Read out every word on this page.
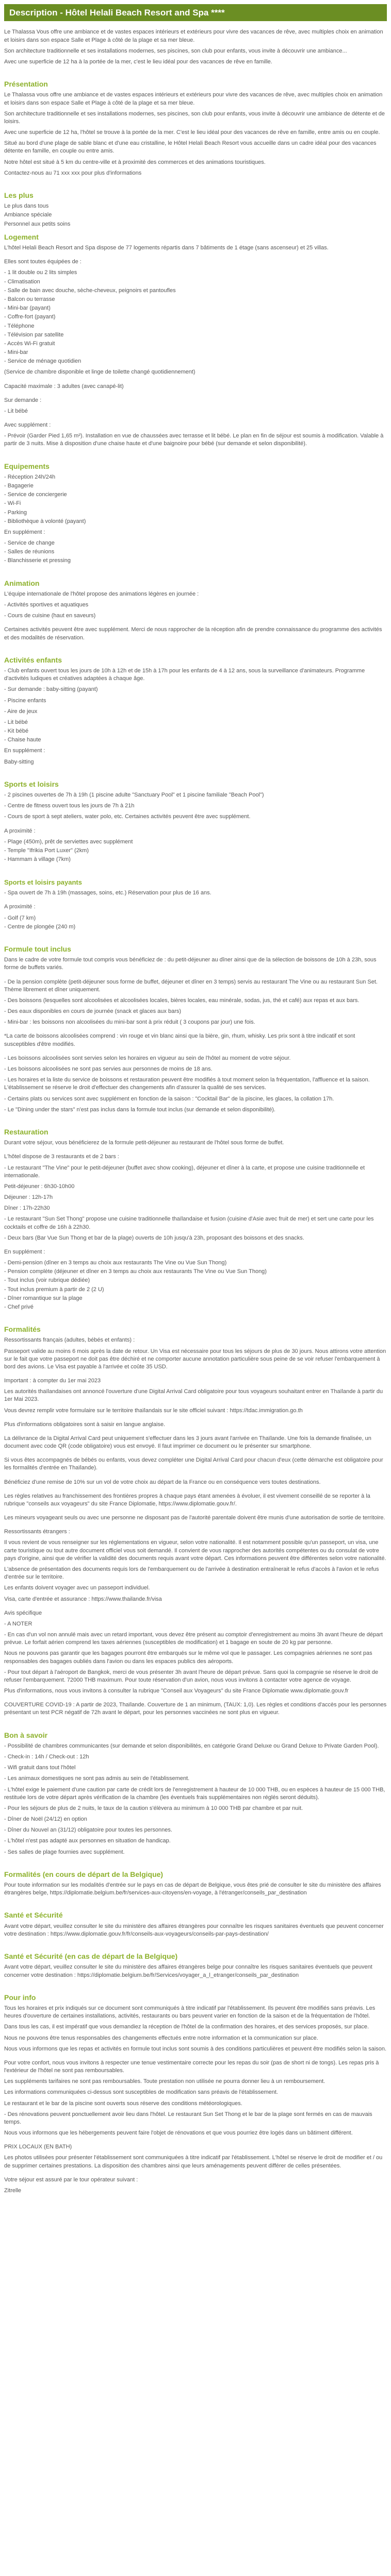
Description - Hôtel Helali Beach Resort and Spa ****

Le Thalassa Vous offre une ambiance et de vastes espaces intérieurs et extérieurs pour vivre des vacances de rêve, avec multiples choix en animation et loisirs dans son espace Salle et Plage à côté de la plage et sa mer bleue.

Son architecture traditionnelle et ses installations modernes, ses piscines, son club pour enfants, vous invite à découvrir une ambiance...

Avec une superficie de 12 ha à la portée de la mer, c'est le lieu idéal pour des vacances de rêve en famille.

Présentation

Le Thalassa vous offre une ambiance et de vastes espaces intérieurs et extérieurs pour vivre des vacances de rêve, avec multiples choix en animation et loisirs dans son espace Salle et Plage à côté de la plage et sa mer bleue.

Son architecture traditionnelle et ses installations modernes, ses piscines, son club pour enfants, vous invite à découvrir une ambiance de détente et de loisirs.

Avec une superficie de 12 ha, l'hôtel se trouve à la portée de la mer. C'est le lieu idéal pour des vacances de rêve en famille, entre amis ou en couple.

Situé au bord d'une plage de sable blanc et d'une eau cristalline, le Hôtel Helali Beach Resort vous accueille dans un cadre idéal pour des vacances détente en famille, en couple ou entre amis.

Notre hôtel est situé à 5 km du centre-ville et à proximité des commerces et des animations touristiques.

Contactez-nous au 71 xxx xxx pour plus d'informations

Les plus
Le plus dans tous
Ambiance spéciale
Personnel aux petits soins
Logement

L'hôtel Helali Beach Resort and Spa dispose de 77 logements répartis dans 7 bâtiments de 1 étage (sans ascenseur) et 25 villas.

Elles sont toutes équipées de :

- 1 lit double ou 2 lits simples
- Climatisation
- Salle de bain avec douche, sèche-cheveux, peignoirs et pantoufles
- Balcon ou terrasse
- Mini-bar (payant)
- Coffre-fort (payant)
- Téléphone
- Télévision par satellite
- Accès Wi-Fi gratuit
- Mini-bar
- Service de ménage quotidien

(Service de chambre disponible et linge de toilette changé quotidiennement)

Capacité maximale : 3 adultes (avec canapé-lit)

Sur demande :

- Lit bébé

Avec supplément :

- Prévoir (Garder Pied 1,65 m²). Installation en vue de chaussées avec terrasse et lit bébé. Le plan en fin de séjour est soumis à modification. Valable à partir de 3 nuits. Mise à disposition d'une chaise haute et d'une baignoire pour bébé (sur demande et selon disponibilité).

Equipements
- Réception 24h/24h
- Bagagerie
- Service de conciergerie
- Wi-Fi
- Parking
- Bibliothèque à volonté (payant)

En supplément :

- Service de change
- Salles de réunions
- Blanchisserie et pressing
Animation

L'équipe internationale de l'hôtel propose des animations légères en journée :

- Activités sportives et aquatiques

- Cours de cuisine (haut en saveurs)

Certaines activités peuvent être avec supplément. Merci de nous rapprocher de la réception afin de prendre connaissance du programme des activités et des modalités de réservation.

Activités enfants

- Club enfants ouvert tous les jours de 10h à 12h et de 15h à 17h pour les enfants de 4 à 12 ans, sous la surveillance d'animateurs. Programme d'activités ludiques et créatives adaptées à chaque âge.

- Sur demande : baby-sitting (payant)

- Piscine enfants

- Aire de jeux

- Lit bébé
- Kit bébé
- Chaise haute

En supplément :

Baby-sitting

Sports et loisirs

- 2 piscines ouvertes de 7h à 19h (1 piscine adulte "Sanctuary Pool" et 1 piscine familiale "Beach Pool")

- Centre de fitness ouvert tous les jours de 7h à 21h

- Cours de sport à sept ateliers, water polo, etc. Certaines activités peuvent être avec supplément.

A proximité :

- Plage (450m), prêt de serviettes avec supplément
- Temple "Ifrikia Port Luxer" (2km)
- Hammam à village (7km)
Sports et loisirs payants

- Spa ouvert de 7h à 19h (massages, soins, etc.) Réservation pour plus de 16 ans.

A proximité :

- Golf (7 km)
- Centre de plongée (240 m)
Formule tout inclus

Dans le cadre de votre formule tout compris vous bénéficiez de : du petit-déjeuner au dîner ainsi que de la sélection de boissons de 10h à 23h, sous forme de buffets variés.

- De la pension complète (petit-déjeuner sous forme de buffet, déjeuner et dîner en 3 temps) servis au restaurant The Vine ou au restaurant Sun Set. Thème librement et dîner uniquement.

- Des boissons (lesquelles sont alcoolisées et alcoolisées locales, bières locales, eau minérale, sodas, jus, thé et café) aux repas et aux bars.

- Des eaux disponibles en cours de journée (snack et glaces aux bars)

- Mini-bar : les boissons non alcoolisées du mini-bar sont à prix réduit ( 3 coupons par jour) une fois.

*La carte de boissons alcoolisées comprend : vin rouge et vin blanc ainsi que la bière, gin, rhum, whisky. Les prix sont à titre indicatif et sont susceptibles d'être modifiés.

- Les boissons alcoolisées sont servies selon les horaires en vigueur au sein de l'hôtel au moment de votre séjour.

- Les boissons alcoolisées ne sont pas servies aux personnes de moins de 18 ans.

- Les horaires et la liste du service de boissons et restauration peuvent être modifiés à tout moment selon la fréquentation, l'affluence et la saison. L'établissement se réserve le droit d'effectuer des changements afin d'assurer la qualité de ses services.

- Certains plats ou services sont avec supplément en fonction de la saison : "Cocktail Bar" de la piscine, les glaces, la collation 17h.

- Le "Dining under the stars" n'est pas inclus dans la formule tout inclus (sur demande et selon disponibilité).

Restauration

Durant votre séjour, vous bénéficierez de la formule petit-déjeuner au restaurant de l'hôtel sous forme de buffet.

L'hôtel dispose de 3 restaurants et de 2 bars :

- Le restaurant "The Vine" pour le petit-déjeuner (buffet avec show cooking), déjeuner et dîner à la carte, et propose une cuisine traditionnelle et internationale.

Petit-déjeuner : 6h30-10h00

Déjeuner : 12h-17h

Dîner : 17h-22h30

- Le restaurant "Sun Set Thong" propose une cuisine traditionnelle thaïlandaise et fusion (cuisine d'Asie avec fruit de mer) et sert une carte pour les cocktails et coffre de 16h à 22h30.

- Deux bars (Bar Vue Sun Thong et bar de la plage) ouverts de 10h jusqu'à 23h, proposant des boissons et des snacks.

En supplément :

- Demi-pension (dîner en 3 temps au choix aux restaurants The Vine ou Vue Sun Thong)
- Pension complète (déjeuner et dîner en 3 temps au choix aux restaurants The Vine ou Vue Sun Thong)
- Tout inclus (voir rubrique dédiée)
- Tout inclus premium à partir de 2 (2 U)
- Dîner romantique sur la plage
- Chef privé
Formalités

Ressortissants français (adultes, bébés et enfants) :

Passeport valide au moins 6 mois après la date de retour. Un Visa est nécessaire pour tous les séjours de plus de 30 jours. Nous attirons votre attention sur le fait que votre passeport ne doit pas être déchiré et ne comporter aucune annotation particulière sous peine de se voir refuser l'embarquement à bord des avions. Le Visa est payable à l'arrivée et coûte 35 USD.

Important : à compter du 1er mai 2023

Les autorités thaïlandaises ont annoncé l'ouverture d'une Digital Arrival Card obligatoire pour tous voyageurs souhaitant entrer en Thaïlande à partir du 1er Mai 2023.

Vous devrez remplir votre formulaire sur le territoire thaïlandais sur le site officiel suivant : https://tdac.immigration.go.th

Plus d'informations obligatoires sont à saisir en langue anglaise.

La délivrance de la Digital Arrival Card peut uniquement s'effectuer dans les 3 jours avant l'arrivée en Thaïlande. Une fois la demande finalisée, un document avec code QR (code obligatoire) vous est envoyé. Il faut imprimer ce document ou le présenter sur smartphone.

Si vous êtes accompagnés de bébés ou enfants, vous devez compléter une Digital Arrival Card pour chacun d'eux (cette démarche est obligatoire pour les formalités d'entrée en Thaïlande).

Bénéficiez d'une remise de 10% sur un vol de votre choix au départ de la France ou en conséquence vers toutes destinations.

Les règles relatives au franchissement des frontières propres à chaque pays étant amenées à évoluer, il est vivement conseillé de se reporter à la rubrique "conseils aux voyageurs" du site France Diplomatie, https://www.diplomatie.gouv.fr/.

Les mineurs voyageant seuls ou avec une personne ne disposant pas de l'autorité parentale doivent être munis d'une autorisation de sortie de territoire.

Ressortissants étrangers :

Il vous revient de vous renseigner sur les réglementations en vigueur, selon votre nationalité. Il est notamment possible qu'un passeport, un visa, une carte touristique ou tout autre document officiel vous soit demandé. Il convient de vous rapprocher des autorités compétentes ou du consulat de votre pays d'origine, ainsi que de vérifier la validité des documents requis avant votre départ. Ces informations peuvent être différentes selon votre nationalité.

L'absence de présentation des documents requis lors de l'embarquement ou de l'arrivée à destination entraînerait le refus d'accès à l'avion et le refus d'entrée sur le territoire.

Les enfants doivent voyager avec un passeport individuel.

Visa, carte d'entrée et assurance : https://www.thailande.fr/visa

Avis spécifique

- A NOTER

- En cas d'un vol non annulé mais avec un retard important, vous devez être présent au comptoir d'enregistrement au moins 3h avant l'heure de départ prévue. Le forfait aérien comprend les taxes aériennes (susceptibles de modification) et 1 bagage en soute de 20 kg par personne.

Nous ne pouvons pas garantir que les bagages pourront être embarqués sur le même vol que le passager. Les compagnies aériennes ne sont pas responsables des bagages oubliés dans l'avion ou dans les espaces publics des aéroports.

- Pour tout départ à l'aéroport de Bangkok, merci de vous présenter 3h avant l'heure de départ prévue. Sans quoi la compagnie se réserve le droit de refuser l'embarquement. 72000 THB maximum. Pour toute réservation d'un avion, nous vous invitons à contacter votre agence de voyage.

Plus d'informations, nous vous invitons à consulter la rubrique "Conseil aux Voyageurs" du site France Diplomatie www.diplomatie.gouv.fr

COUVERTURE COVID-19 : A partir de 2023, Thaïlande. Couverture de 1 an minimum, (TAUX: 1,0). Les règles et conditions d'accès pour les personnes présentant un test PCR négatif de 72h avant le départ, pour les personnes vaccinées ne sont plus en vigueur.

Bon à savoir

- Possibilité de chambres communicantes (sur demande et selon disponibilités, en catégorie Grand Deluxe ou Grand Deluxe to Private Garden Pool).

- Check-in : 14h / Check-out : 12h

- Wifi gratuit dans tout l'hôtel

- Les animaux domestiques ne sont pas admis au sein de l'établissement.

- L'hôtel exige le paiement d'une caution par carte de crédit lors de l'enregistrement à hauteur de 10 000 THB, ou en espèces à hauteur de 15 000 THB, restituée lors de votre départ après vérification de la chambre (les éventuels frais supplémentaires non réglés seront déduits).

- Pour les séjours de plus de 2 nuits, le taux de la caution s'élèvera au minimum à 10 000 THB par chambre et par nuit.

- Dîner de Noël (24/12) en option

- Dîner du Nouvel an (31/12) obligatoire pour toutes les personnes.

- L'hôtel n'est pas adapté aux personnes en situation de handicap.

- Ses salles de plage fournies avec supplément.

Formalités (en cours de départ de la Belgique)

Pour toute information sur les modalités d'entrée sur le pays en cas de départ de Belgique, vous êtes prié de consulter le site du ministère des affaires étrangères belge, https://diplomatie.belgium.be/fr/services-aux-citoyens/en-voyage, à l'étranger/conseils_par_destination

Santé et Sécurité

Avant votre départ, veuillez consulter le site du ministère des affaires étrangères pour connaître les risques sanitaires éventuels que peuvent concerner votre destination : https://www.diplomatie.gouv.fr/fr/conseils-aux-voyageurs/conseils-par-pays-destination/

Santé et Sécurité (en cas de départ de la Belgique)

Avant votre départ, veuillez consulter le site du ministère des affaires étrangères belge pour connaître les risques sanitaires éventuels que peuvent concerner votre destination : https://diplomatie.belgium.be/fr/Services/voyager_a_l_etranger/conseils_par_destination

Pour info

Tous les horaires et prix indiqués sur ce document sont communiqués à titre indicatif par l'établissement. Ils peuvent être modifiés sans préavis. Les heures d'ouverture de certaines installations, activités, restaurants ou bars peuvent varier en fonction de la saison et de la fréquentation de l'hôtel.

Dans tous les cas, il est impératif que vous demandiez la réception de l'hôtel de la confirmation des horaires, et des services proposés, sur place.

Nous ne pouvons être tenus responsables des changements effectués entre notre information et la communication sur place.

Nous vous informons que les repas et activités en formule tout inclus sont soumis à des conditions particulières et peuvent être modifiés selon la saison.

Pour votre confort, nous vous invitons à respecter une tenue vestimentaire correcte pour les repas du soir (pas de short ni de tongs). Les repas pris à l'extérieur de l'hôtel ne sont pas remboursables.

Les suppléments tarifaires ne sont pas remboursables. Toute prestation non utilisée ne pourra donner lieu à un remboursement.

Les informations communiquées ci-dessus sont susceptibles de modification sans préavis de l'établissement.

Le restaurant et le bar de la piscine sont ouverts sous réserve des conditions météorologiques.

- Des rénovations peuvent ponctuellement avoir lieu dans l'hôtel. Le restaurant Sun Set Thong et le bar de la plage sont fermés en cas de mauvais temps.

Nous vous informons que les hébergements peuvent faire l'objet de rénovations et que vous pourriez être logés dans un bâtiment différent.

PRIX LOCAUX (EN BATH)

Les photos utilisées pour présenter l'établissement sont communiquées à titre indicatif par l'établissement. L'hôtel se réserve le droit de modifier et / ou de supprimer certaines prestations. La disposition des chambres ainsi que leurs aménagements peuvent différer de celles présentées.

Votre séjour est assuré par le tour opérateur suivant :

Zitrelle
